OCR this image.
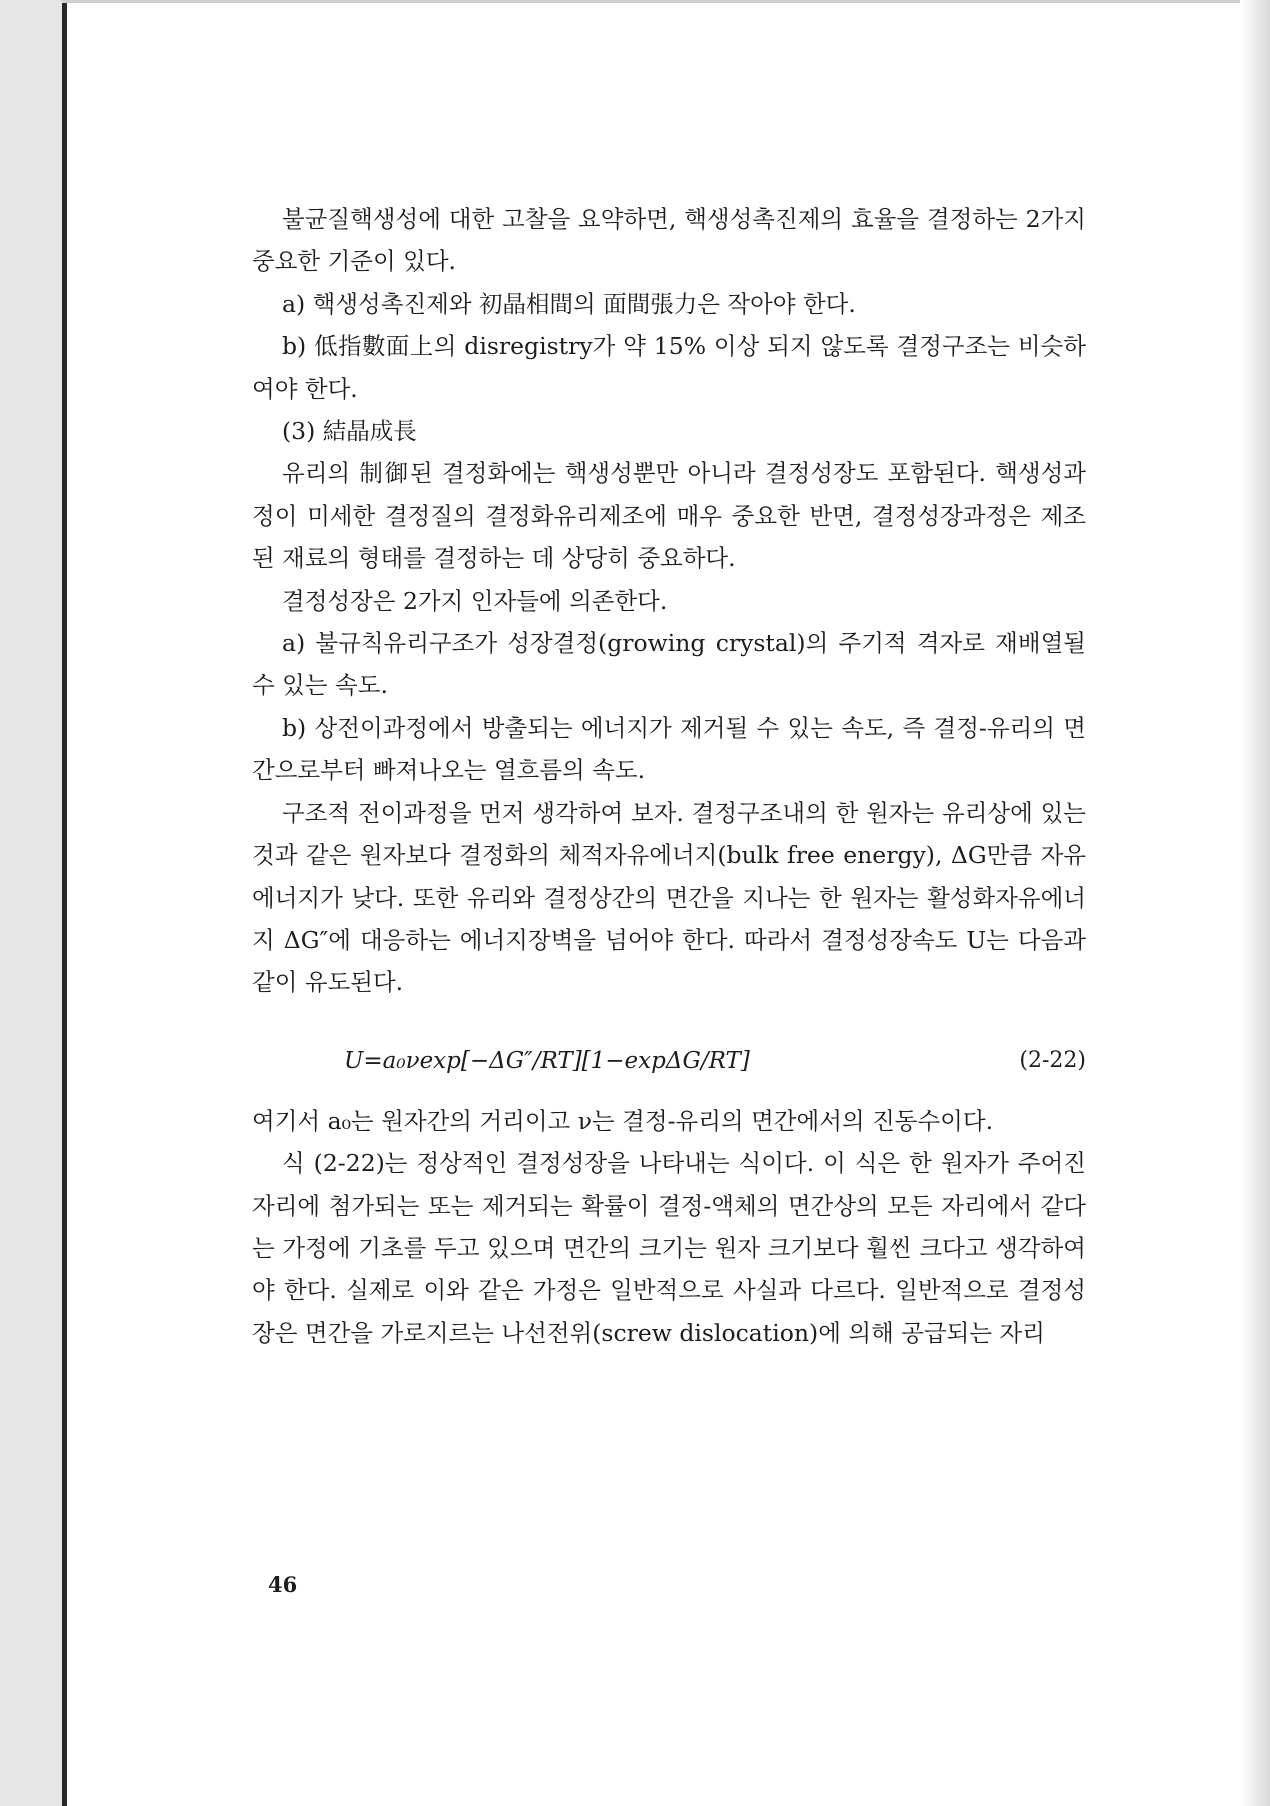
불균질핵생성에 대한 고찰을 요약하면, 핵생성촉진제의 효율을 결정하는 2가지 중요한 기준이 있다.

a) 핵생성촉진제와 初晶相間의 面間張力은 작아야 한다.

b) 低指數面上의 disregistry가 약 15% 이상 되지 않도록 결정구조는 비슷하여야 한다.

(3) 結晶成長

유리의 制御된 결정화에는 핵생성뿐만 아니라 결정성장도 포함된다. 핵생성과정이 미세한 결정질의 결정화유리제조에 매우 중요한 반면, 결정성장과정은 제조된 재료의 형태를 결정하는 데 상당히 중요하다.

결정성장은 2가지 인자들에 의존한다.

a) 불규칙유리구조가 성장결정(growing crystal)의 주기적 격자로 재배열될 수 있는 속도.

b) 상전이과정에서 방출되는 에너지가 제거될 수 있는 속도, 즉 결정-유리의 면간으로부터 빠져나오는 열흐름의 속도.

구조적 전이과정을 먼저 생각하여 보자. 결정구조내의 한 원자는 유리상에 있는 것과 같은 원자보다 결정화의 체적자유에너지(bulk free energy), ΔG만큼 자유에너지가 낮다. 또한 유리와 결정상간의 면간을 지나는 한 원자는 활성화자유에너지 ΔG″에 대응하는 에너지장벽을 넘어야 한다. 따라서 결정성장속도 U는 다음과 같이 유도된다.

U=a₀νexp[−ΔG″/RT][1−expΔG/RT]	(2-22)

여기서 a₀는 원자간의 거리이고 ν는 결정-유리의 면간에서의 진동수이다.

식 (2-22)는 정상적인 결정성장을 나타내는 식이다. 이 식은 한 원자가 주어진 자리에 첨가되는 또는 제거되는 확률이 결정-액체의 면간상의 모든 자리에서 같다는 가정에 기초를 두고 있으며 면간의 크기는 원자 크기보다 훨씬 크다고 생각하여야 한다. 실제로 이와 같은 가정은 일반적으로 사실과 다르다. 일반적으로 결정성장은 면간을 가로지르는 나선전위(screw dislocation)에 의해 공급되는 자리

46
